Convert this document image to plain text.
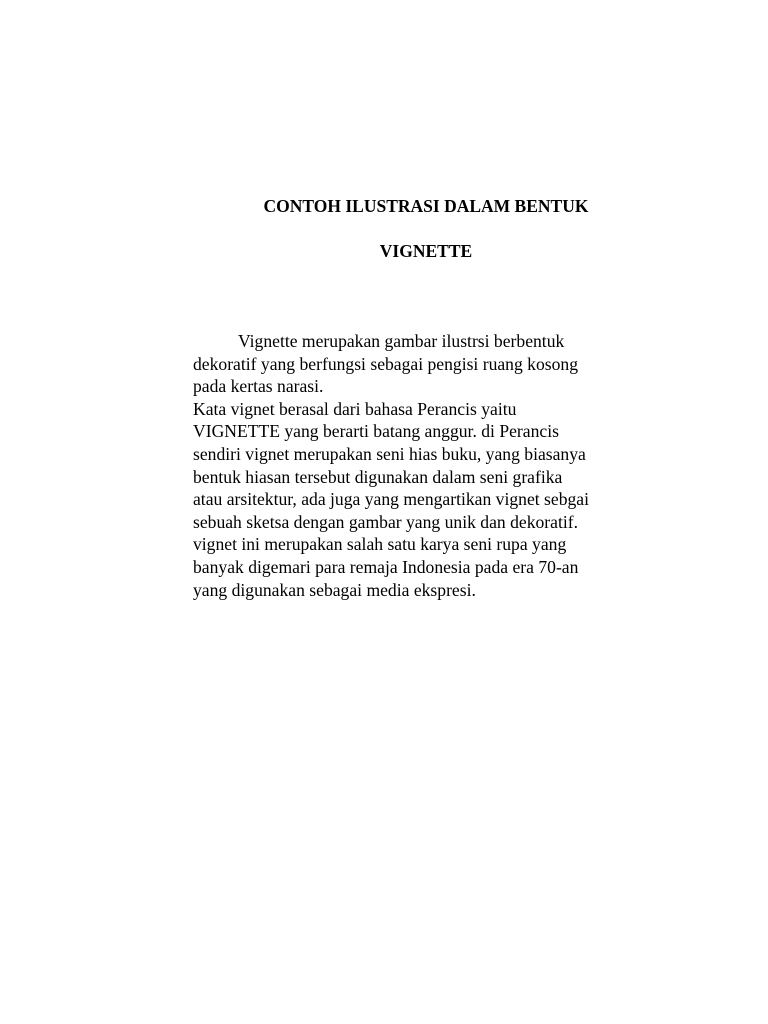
CONTOH ILUSTRASI DALAM BENTUK
VIGNETTE
Vignette merupakan gambar ilustrsi berbentuk
dekoratif yang berfungsi sebagai pengisi ruang kosong
pada kertas narasi.
Kata vignet berasal dari bahasa Perancis yaitu
VIGNETTE yang berarti batang anggur. di Perancis
sendiri vignet merupakan seni hias buku, yang biasanya
bentuk hiasan tersebut digunakan dalam seni grafika
atau arsitektur, ada juga yang mengartikan vignet sebgai
sebuah sketsa dengan gambar yang unik dan dekoratif.
vignet ini merupakan salah satu karya seni rupa yang
banyak digemari para remaja Indonesia pada era 70-an
yang digunakan sebagai media ekspresi.
